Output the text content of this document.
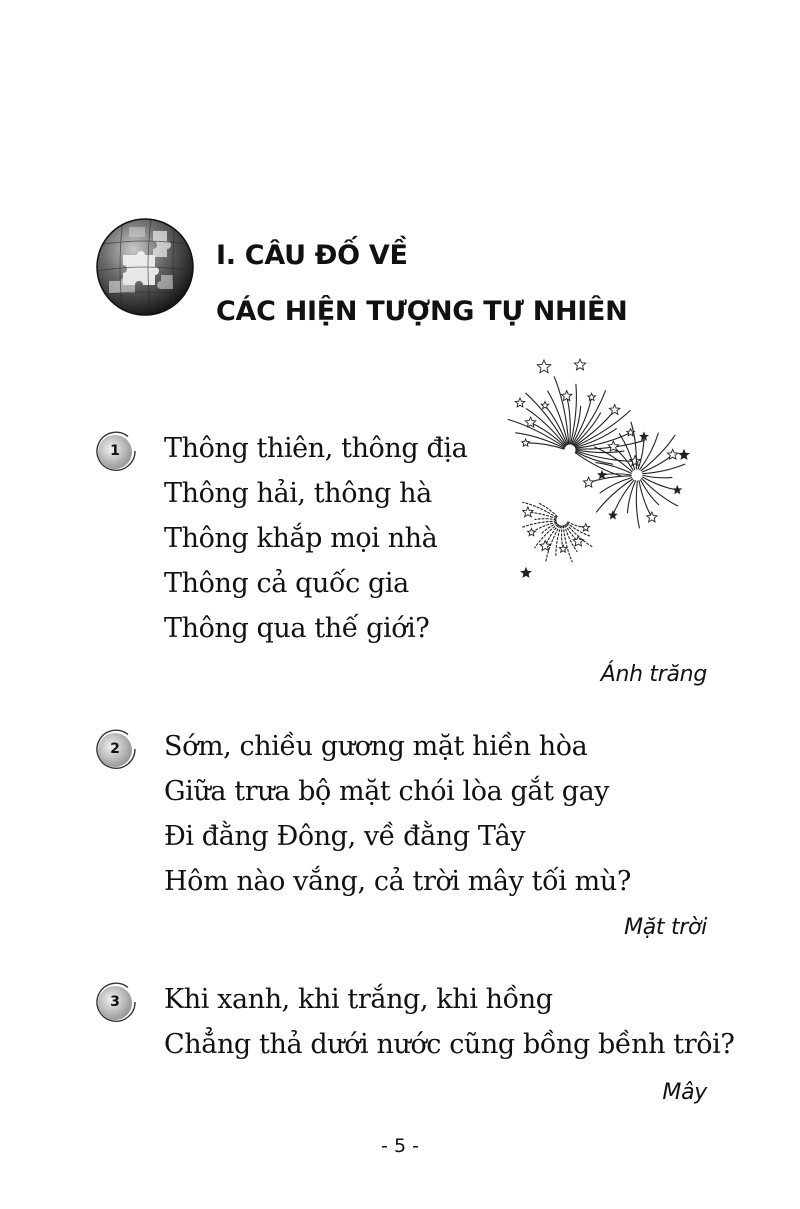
I. CÂU ĐỐ VỀ
CÁC HIỆN TƯỢNG TỰ NHIÊN
1	Thông thiên, thông địa
Thông hải, thông hà
Thông khắp mọi nhà
Thông cả quốc gia
Thông qua thế giới?

Ánh trăng

2	Sớm, chiều gương mặt hiền hòa
Giữa trưa bộ mặt chói lòa gắt gay
Đi đằng Đông, về đằng Tây
Hôm nào vắng, cả trời mây tối mù?

Mặt trời

3	Khi xanh, khi trắng, khi hồng
Chẳng thả dưới nước cũng bồng bềnh trôi?

Mây

- 5 -
